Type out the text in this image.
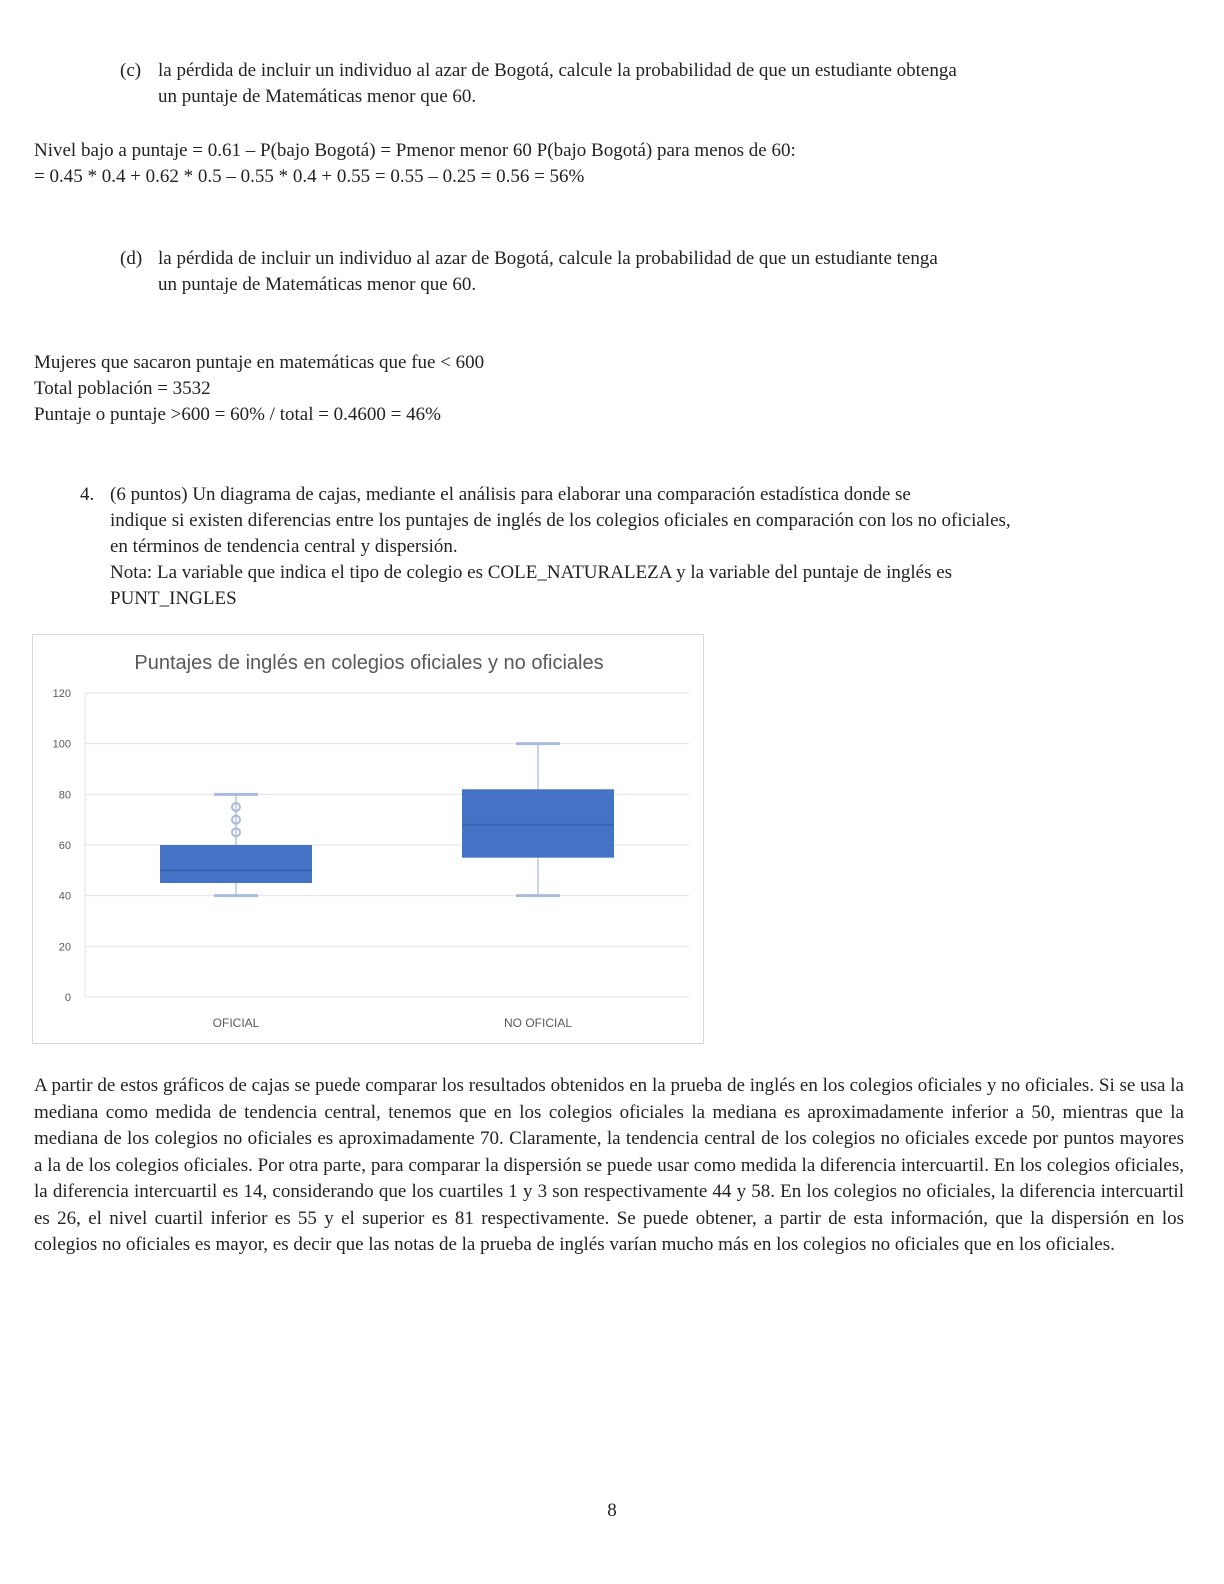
(c) la pérdida de incluir un individuo al azar de Bogotá, calcule la probabilidad de que un estudiante obtenga
un puntaje de Matemáticas menor que 60.
Nivel bajo a puntaje = 0.61 – P(bajo Bogotá) = Pmenor menor 60 P(bajo Bogotá) para menos de 60:
= 0.45 * 0.4 + 0.62 * 0.5 – 0.55 * 0.4 + 0.55 = 0.55 – 0.25 = 0.56 = 56%
(d) la pérdida de incluir un individuo al azar de Bogotá, calcule la probabilidad de que un estudiante tenga
un puntaje de Matemáticas menor que 60.
Mujeres que sacaron puntaje en matemáticas que fue < 600
Total población = 3532
Puntaje o puntaje >600 = 60% / total = 0.4600 = 46%
4. (6 puntos) Un diagrama de cajas, mediante el análisis para elaborar una comparación estadística donde se
indique si existen diferencias entre los puntajes de inglés de los colegios oficiales en comparación con los no oficiales,
en términos de tendencia central y dispersión.
Nota: La variable que indica el tipo de colegio es COLE_NATURALEZA y la variable del puntaje de inglés es
PUNT_INGLES
Puntajes de inglés en colegios oficiales y no oficiales
0
20
40
60
80
100
120
OFICIAL	NO OFICIAL
A partir de estos gráficos de cajas se puede comparar los resultados obtenidos en la prueba de inglés en los colegios oficiales y no oficiales. Si se usa la mediana como medida de tendencia central, tenemos que en los colegios oficiales la mediana es aproximadamente inferior a 50, mientras que la mediana de los colegios no oficiales es aproximadamente 70. Claramente, la tendencia central de los colegios no oficiales excede por puntos mayores a la de los colegios oficiales. Por otra parte, para comparar la dispersión se puede usar como medida la diferencia intercuartil. En los colegios oficiales, la diferencia intercuartil es 14, considerando que los cuartiles 1 y 3 son respectivamente 44 y 58. En los colegios no oficiales, la diferencia intercuartil es 26, el nivel cuartil inferior es 55 y el superior es 81 respectivamente. Se puede obtener, a partir de esta información, que la dispersión en los colegios no oficiales es mayor, es decir que las notas de la prueba de inglés varían mucho más en los colegios no oficiales que en los oficiales.
8
